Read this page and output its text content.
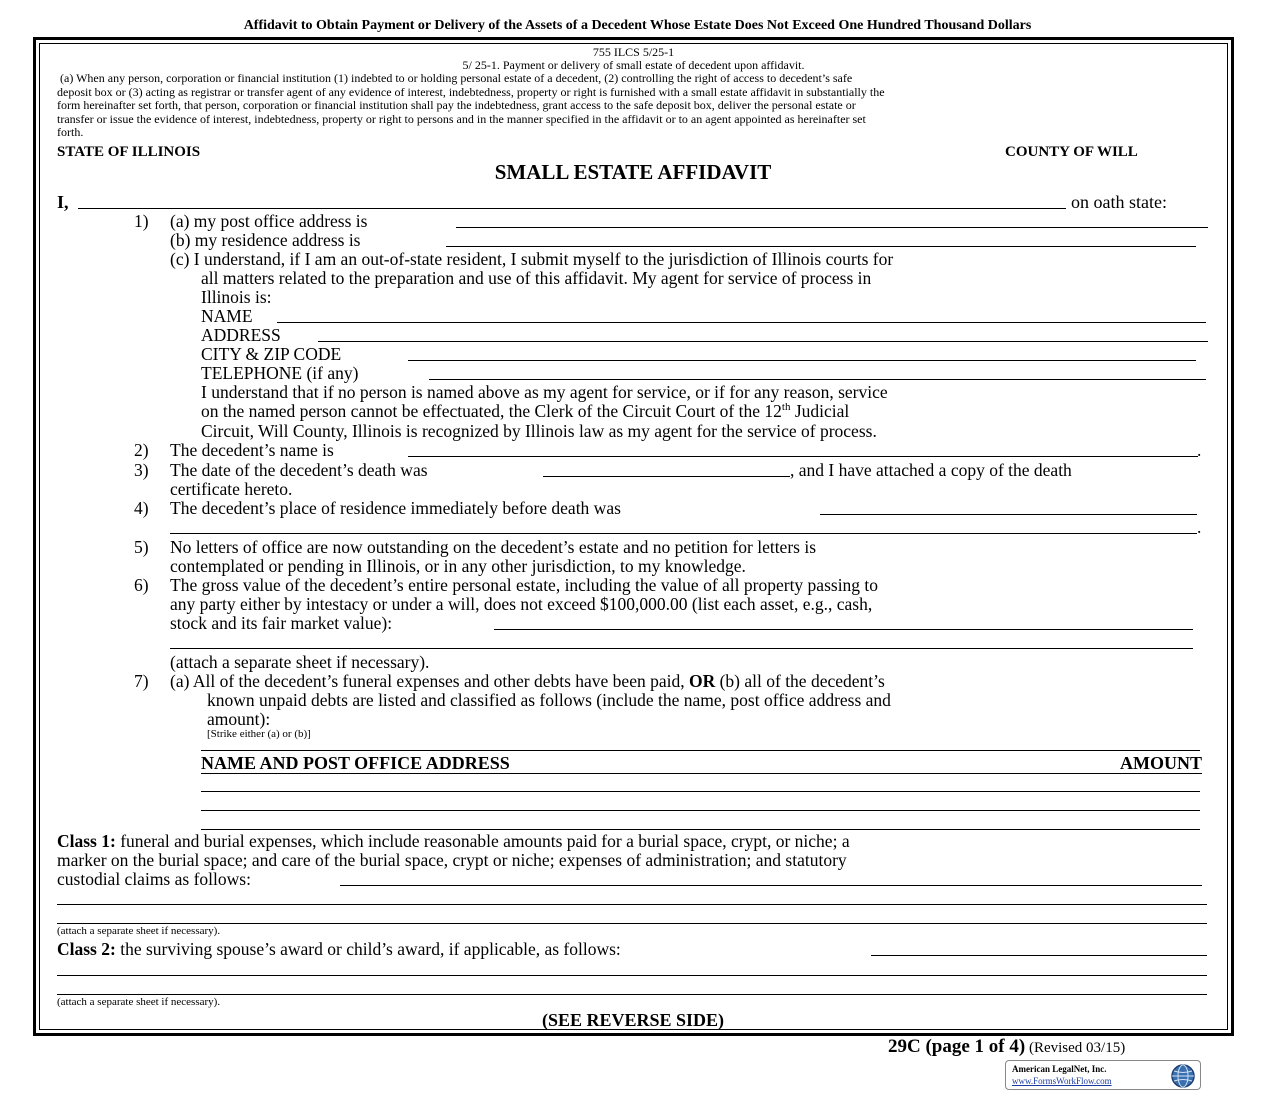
Affidavit to Obtain Payment or Delivery of the Assets of a Decedent Whose Estate Does Not Exceed One Hundred Thousand Dollars
755 ILCS 5/25-1
5/ 25-1. Payment or delivery of small estate of decedent upon affidavit.
(a) When any person, corporation or financial institution (1) indebted to or holding personal estate of a decedent, (2) controlling the right of access to decedent’s safe
deposit box or (3) acting as registrar or transfer agent of any evidence of interest, indebtedness, property or right is furnished with a small estate affidavit in substantially the
form hereinafter set forth, that person, corporation or financial institution shall pay the indebtedness, grant access to the safe deposit box, deliver the personal estate or
transfer or issue the evidence of interest, indebtedness, property or right to persons and in the manner specified in the affidavit or to an agent appointed as hereinafter set
forth.
STATE OF ILLINOIS	COUNTY OF WILL
SMALL ESTATE AFFIDAVIT
I,	on oath state:
1) (a) my post office address is
(b) my residence address is
(c) I understand, if I am an out-of-state resident, I submit myself to the jurisdiction of Illinois courts for
all matters related to the preparation and use of this affidavit. My agent for service of process in
Illinois is:
NAME
ADDRESS
CITY & ZIP CODE
TELEPHONE (if any)
I understand that if no person is named above as my agent for service, or if for any reason, service
on the named person cannot be effectuated, the Clerk of the Circuit Court of the 12th Judicial
Circuit, Will County, Illinois is recognized by Illinois law as my agent for the service of process.
2) The decedent’s name is	.
3) The date of the decedent’s death was	, and I have attached a copy of the death
certificate hereto.
4) The decedent’s place of residence immediately before death was
.
5) No letters of office are now outstanding on the decedent’s estate and no petition for letters is
contemplated or pending in Illinois, or in any other jurisdiction, to my knowledge.
6) The gross value of the decedent’s entire personal estate, including the value of all property passing to
any party either by intestacy or under a will, does not exceed $100,000.00 (list each asset, e.g., cash,
stock and its fair market value):
(attach a separate sheet if necessary).
7) (a) All of the decedent’s funeral expenses and other debts have been paid, OR (b) all of the decedent’s
known unpaid debts are listed and classified as follows (include the name, post office address and
amount):
[Strike either (a) or (b)]
NAME AND POST OFFICE ADDRESS	AMOUNT
Class 1: funeral and burial expenses, which include reasonable amounts paid for a burial space, crypt, or niche; a
marker on the burial space; and care of the burial space, crypt or niche; expenses of administration; and statutory
custodial claims as follows:
(attach a separate sheet if necessary).
Class 2: the surviving spouse’s award or child’s award, if applicable, as follows:
(attach a separate sheet if necessary).
(SEE REVERSE SIDE)
29C (page 1 of 4) (Revised 03/15)
American LegalNet, Inc.
www.FormsWorkFlow.com
